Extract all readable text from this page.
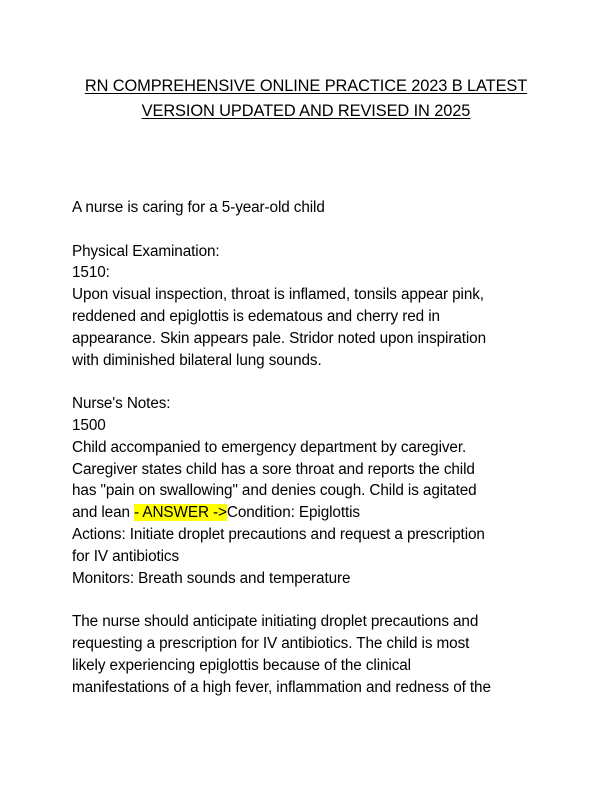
RN COMPREHENSIVE ONLINE PRACTICE 2023 B LATEST
VERSION UPDATED AND REVISED IN 2025

A nurse is caring for a 5-year-old child

Physical Examination:

1510:

Upon visual inspection, throat is inflamed, tonsils appear pink,

reddened and epiglottis is edematous and cherry red in

appearance. Skin appears pale. Stridor noted upon inspiration

with diminished bilateral lung sounds.

Nurse's Notes:

1500

Child accompanied to emergency department by caregiver.

Caregiver states child has a sore throat and reports the child

has "pain on swallowing" and denies cough. Child is agitated

and lean - ANSWER ->Condition: Epiglottis

Actions: Initiate droplet precautions and request a prescription

for IV antibiotics

Monitors: Breath sounds and temperature

The nurse should anticipate initiating droplet precautions and

requesting a prescription for IV antibiotics. The child is most

likely experiencing epiglottis because of the clinical

manifestations of a high fever, inflammation and redness of the
